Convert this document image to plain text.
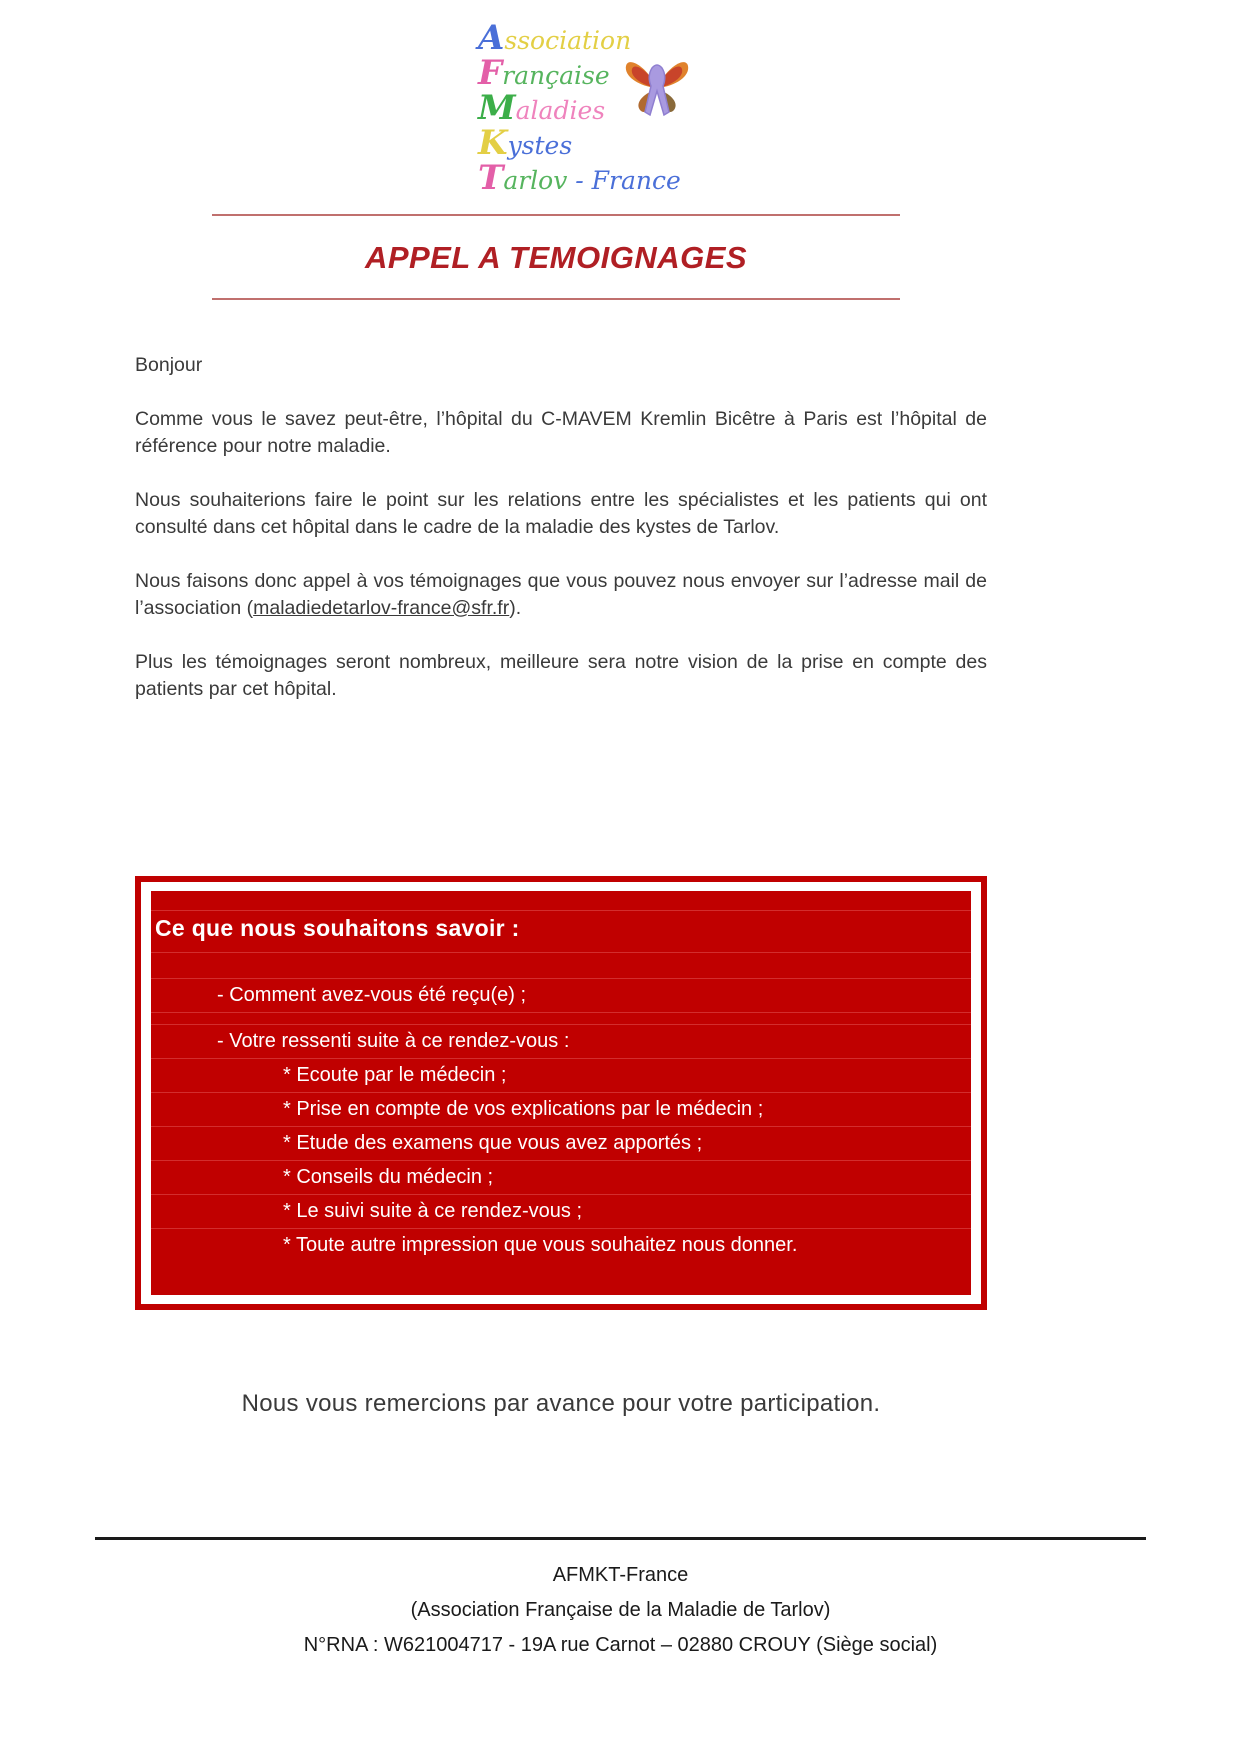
Association
Française
Maladies
Kystes
Tarlov - France
APPEL A TEMOIGNAGES

Bonjour

Comme vous le savez peut-être, l’hôpital du C-MAVEM Kremlin Bicêtre à Paris est l’hôpital de référence pour notre maladie.

Nous souhaiterions faire le point sur les relations entre les spécialistes et les patients qui ont consulté dans cet hôpital dans le cadre de la maladie des kystes de Tarlov.

Nous faisons donc appel à vos témoignages que vous pouvez nous envoyer sur l’adresse mail de l’association (maladiedetarlov-france@sfr.fr).

Plus les témoignages seront nombreux, meilleure sera notre vision de la prise en compte des patients par cet hôpital.

Ce que nous souhaitons savoir :
- Comment avez-vous été reçu(e) ;
- Votre ressenti suite à ce rendez-vous :
* Ecoute par le médecin ;
* Prise en compte de vos explications par le médecin ;
* Etude des examens que vous avez apportés ;
* Conseils du médecin ;
* Le suivi suite à ce rendez-vous ;
* Toute autre impression que vous souhaitez nous donner.
Nous vous remercions par avance pour votre participation.
AFMKT-France
(Association Française de la Maladie de Tarlov)
N°RNA : W621004717 - 19A rue Carnot – 02880 CROUY (Siège social)
